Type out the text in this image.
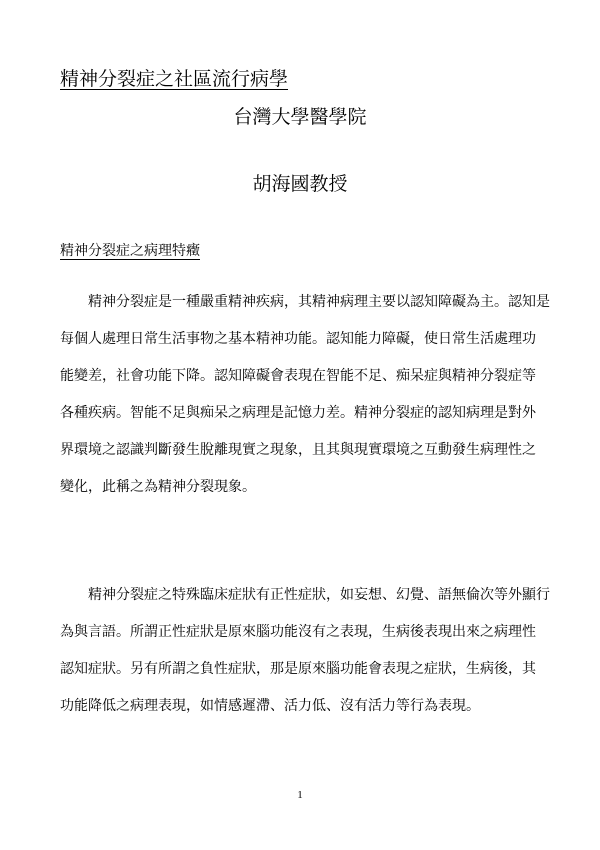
精神分裂症之社區流行病學
台灣大學醫學院
胡海國教授
精神分裂症之病理特癥
精神分裂症是一種嚴重精神疾病，其精神病理主要以認知障礙為主。認知是
每個人處理日常生活事物之基本精神功能。認知能力障礙，使日常生活處理功
能變差，社會功能下降。認知障礙會表現在智能不足、痴呆症與精神分裂症等
各種疾病。智能不足與痴呆之病理是記憶力差。精神分裂症的認知病理是對外
界環境之認識判斷發生脫離現實之現象，且其與現實環境之互動發生病理性之
變化，此稱之為精神分裂現象。
精神分裂症之特殊臨床症狀有正性症狀，如妄想、幻覺、語無倫次等外顯行
為與言語。所謂正性症狀是原來腦功能沒有之表現，生病後表現出來之病理性
認知症狀。另有所謂之負性症狀，那是原來腦功能會表現之症狀，生病後，其
功能降低之病理表現，如情感遲滯、活力低、沒有活力等行為表現。
1
